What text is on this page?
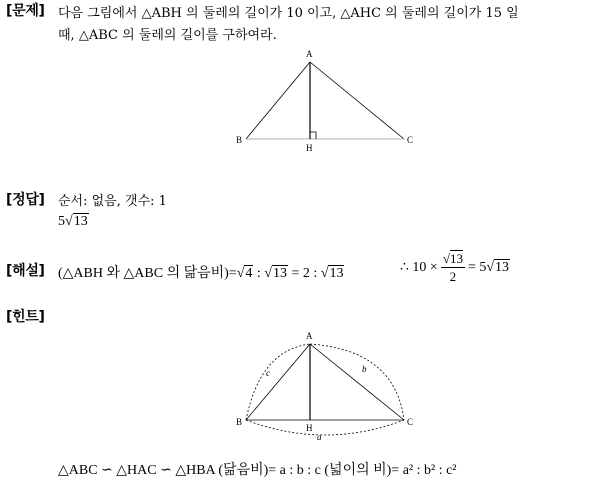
[문제] 다음 그림에서 △ABH 의 둘레의 길이가 10 이고, △AHC 의 둘레의 길이가 15 일
때, △ABC 의 둘레의 길이를 구하여라.
A
B	C
H
[정답] 순서: 없음, 갯수: 1
5√13
[해설] (△ABH 와 △ABC 의 닮음비)=√4 : √13 = 2 : √13	∴ $10 \times \frac{√13}{2} = 5$ √13
[힌트]
A
B	C
H
a
b
c
△ABC ∽ △HAC ∽ △HBA (닮음비)= a : b : c (넓이의 비)= a² : b² : c²
